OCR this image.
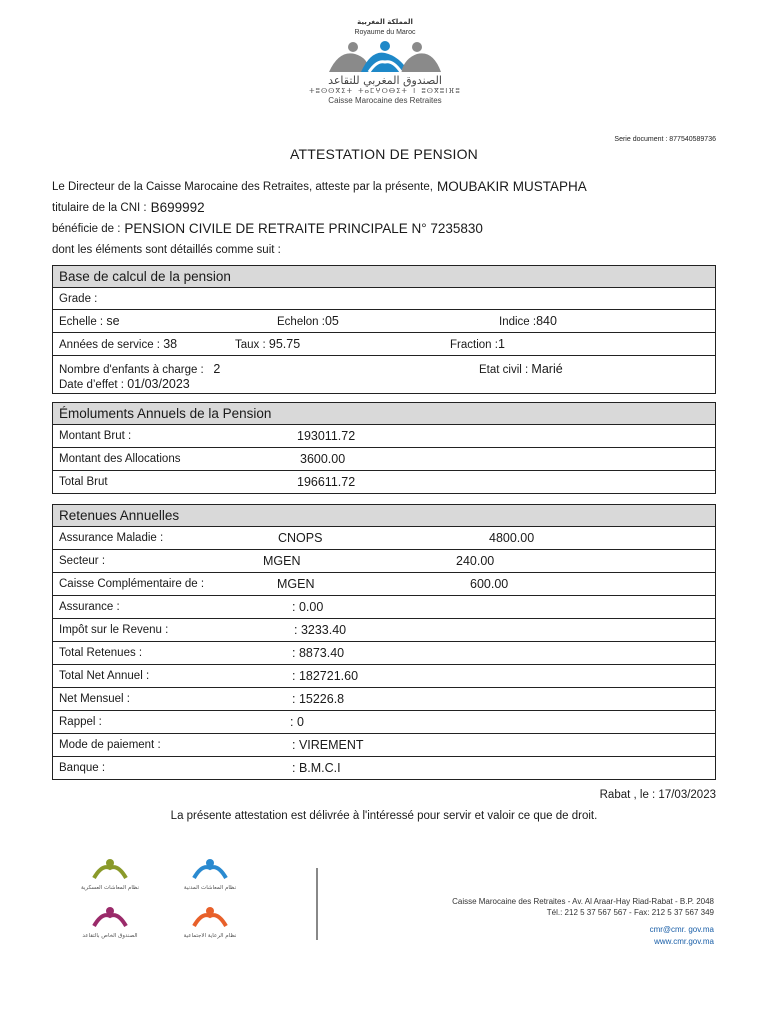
المملكة المغربية
Royaume du Maroc
الصندوق المغربي للتقاعد
ⵜⵓⵙⵙⴳⵉⵜ ⵜⴰⵎⵖⵔⴱⵉⵜ ⵏ ⵓⵙⴳⵓⵏⴼⵓ
Caisse Marocaine des Retraites
Serie document : 877540589736
ATTESTATION DE PENSION
Le Directeur de la Caisse Marocaine des Retraites, atteste par la présente, MOUBAKIR MUSTAPHA
titulaire de la CNI : B699992
bénéficie de : PENSION CIVILE DE RETRAITE PRINCIPALE N° 7235830
dont les éléments sont détaillés comme suit :
Base de calcul de la pension
Grade :

Echelle : se	Echelon :05	Indice :840

Années de service : 38	Taux : 95.75	Fraction :1

Nombre d'enfants à charge : 2	Etat civil : Marié
Date d’effet : 01/03/2023
Émoluments Annuels de la Pension

Montant Brut :	193011.72

Montant des Allocations	3600.00

Total Brut	196611.72
Retenues Annuelles

Assurance Maladie :	CNOPS	4800.00

Secteur :	MGEN	240.00

Caisse Complémentaire de :	MGEN	600.00

Assurance :	: 0.00

Impôt sur le Revenu :	: 3233.40

Total Retenues :	: 8873.40

Total Net Annuel :	: 182721.60

Net Mensuel :	: 15226.8

Rappel :	: 0

Mode de paiement :	: VIREMENT

Banque :	: B.M.C.I
Rabat , le : 17/03/2023
La présente attestation est délivrée à l'intéressé pour servir et valoir ce que de droit.
نظام المعاشات العسكرية	نظام المعاشات المدنية
الصندوق الخاص بالتقاعد	نظام الرعاية الاجتماعية
Caisse Marocaine des Retraites - Av. Al Araar-Hay Riad-Rabat - B.P. 2048
Tél.: 212 5 37 567 567 - Fax: 212 5 37 567 349
cmr@cmr. gov.ma
www.cmr.gov.ma
